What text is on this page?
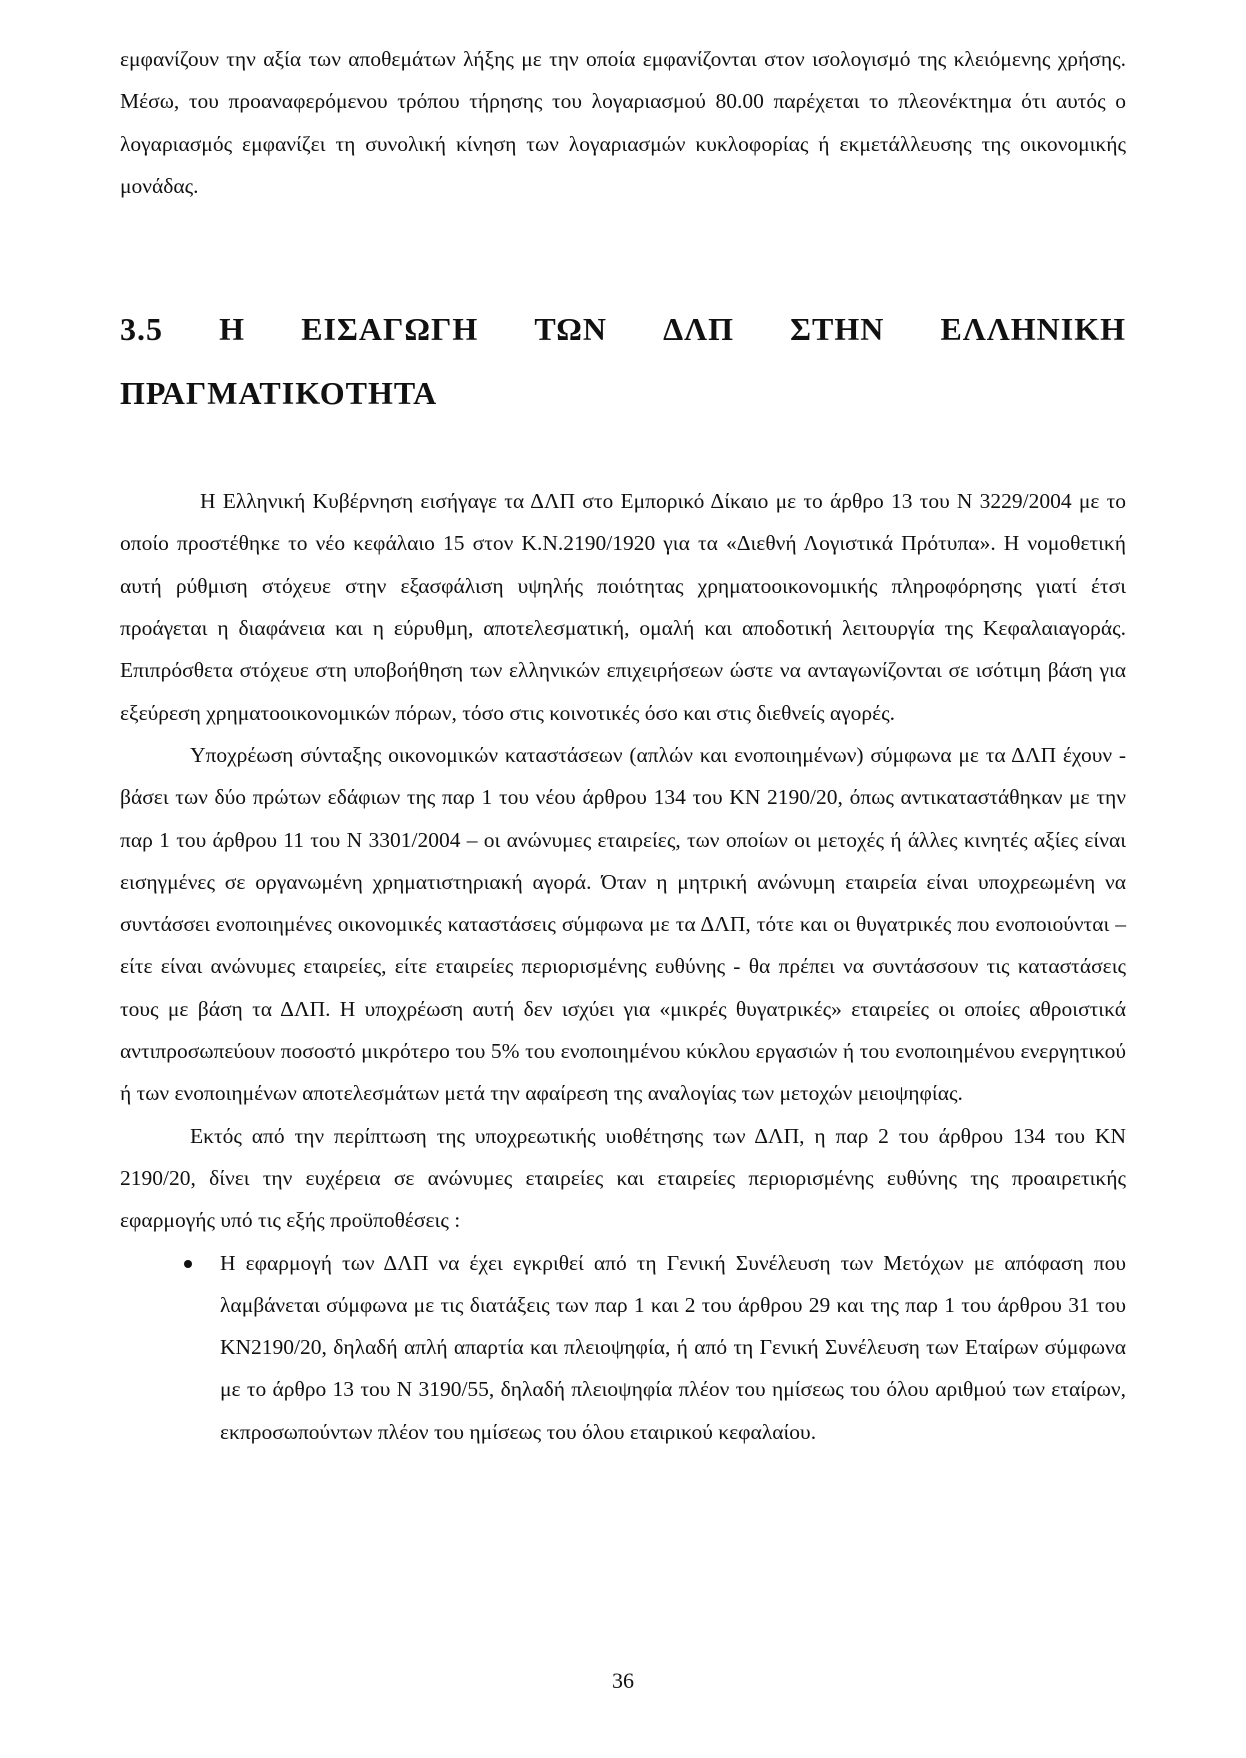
εμφανίζουν την αξία των αποθεμάτων λήξης με την οποία εμφανίζονται στον ισολογισμό της κλειόμενης χρήσης. Μέσω, του προαναφερόμενου τρόπου τήρησης του λογαριασμού 80.00 παρέχεται το πλεονέκτημα ότι αυτός ο λογαριασμός εμφανίζει τη συνολική κίνηση των λογαριασμών κυκλοφορίας ή εκμετάλλευσης της οικονομικής μονάδας.

3.5 Η ΕΙΣΑΓΩΓΗ ΤΩΝ ΔΛΠ ΣΤΗΝ ΕΛΛΗΝΙΚΗ
ΠΡΑΓΜΑΤΙΚΟΤΗΤΑ

Η Ελληνική Κυβέρνηση εισήγαγε τα ΔΛΠ στο Εμπορικό Δίκαιο με το άρθρο 13 του Ν 3229/2004 με το οποίο προστέθηκε το νέο κεφάλαιο 15 στον Κ.Ν.2190/1920 για τα «Διεθνή Λογιστικά Πρότυπα». Η νομοθετική αυτή ρύθμιση στόχευε στην εξασφάλιση υψηλής ποιότητας χρηματοοικονομικής πληροφόρησης γιατί έτσι προάγεται η διαφάνεια και η εύρυθμη, αποτελεσματική, ομαλή και αποδοτική λειτουργία της Κεφαλαιαγοράς. Επιπρόσθετα στόχευε στη υποβοήθηση των ελληνικών επιχειρήσεων ώστε να ανταγωνίζονται σε ισότιμη βάση για εξεύρεση χρηματοοικονομικών πόρων, τόσο στις κοινοτικές όσο και στις διεθνείς αγορές.

Υποχρέωση σύνταξης οικονομικών καταστάσεων (απλών και ενοποιημένων) σύμφωνα με τα ΔΛΠ έχουν - βάσει των δύο πρώτων εδάφιων της παρ 1 του νέου άρθρου 134 του ΚΝ 2190/20, όπως αντικαταστάθηκαν με την παρ 1 του άρθρου 11 του Ν 3301/2004 – οι ανώνυμες εταιρείες, των οποίων οι μετοχές ή άλλες κινητές αξίες είναι εισηγμένες σε οργανωμένη χρηματιστηριακή αγορά. Όταν η μητρική ανώνυμη εταιρεία είναι υποχρεωμένη να συντάσσει ενοποιημένες οικονομικές καταστάσεις σύμφωνα με τα ΔΛΠ, τότε και οι θυγατρικές που ενοποιούνται – είτε είναι ανώνυμες εταιρείες, είτε εταιρείες περιορισμένης ευθύνης - θα πρέπει να συντάσσουν τις καταστάσεις τους με βάση τα ΔΛΠ. Η υποχρέωση αυτή δεν ισχύει για «μικρές θυγατρικές» εταιρείες οι οποίες αθροιστικά αντιπροσωπεύουν ποσοστό μικρότερο του 5% του ενοποιημένου κύκλου εργασιών ή του ενοποιημένου ενεργητικού ή των ενοποιημένων αποτελεσμάτων μετά την αφαίρεση της αναλογίας των μετοχών μειοψηφίας.

Εκτός από την περίπτωση της υποχρεωτικής υιοθέτησης των ΔΛΠ, η παρ 2 του άρθρου 134 του ΚΝ 2190/20, δίνει την ευχέρεια σε ανώνυμες εταιρείες και εταιρείες περιορισμένης ευθύνης της προαιρετικής εφαρμογής υπό τις εξής προϋποθέσεις :

Η εφαρμογή των ΔΛΠ να έχει εγκριθεί από τη Γενική Συνέλευση των Μετόχων με απόφαση που λαμβάνεται σύμφωνα με τις διατάξεις των παρ 1 και 2 του άρθρου 29 και της παρ 1 του άρθρου 31 του ΚΝ2190/20, δηλαδή απλή απαρτία και πλειοψηφία, ή από τη Γενική Συνέλευση των Εταίρων σύμφωνα με το άρθρο 13 του Ν 3190/55, δηλαδή πλειοψηφία πλέον του ημίσεως του όλου αριθμού των εταίρων, εκπροσωπούντων πλέον του ημίσεως του όλου εταιρικού κεφαλαίου.
36
